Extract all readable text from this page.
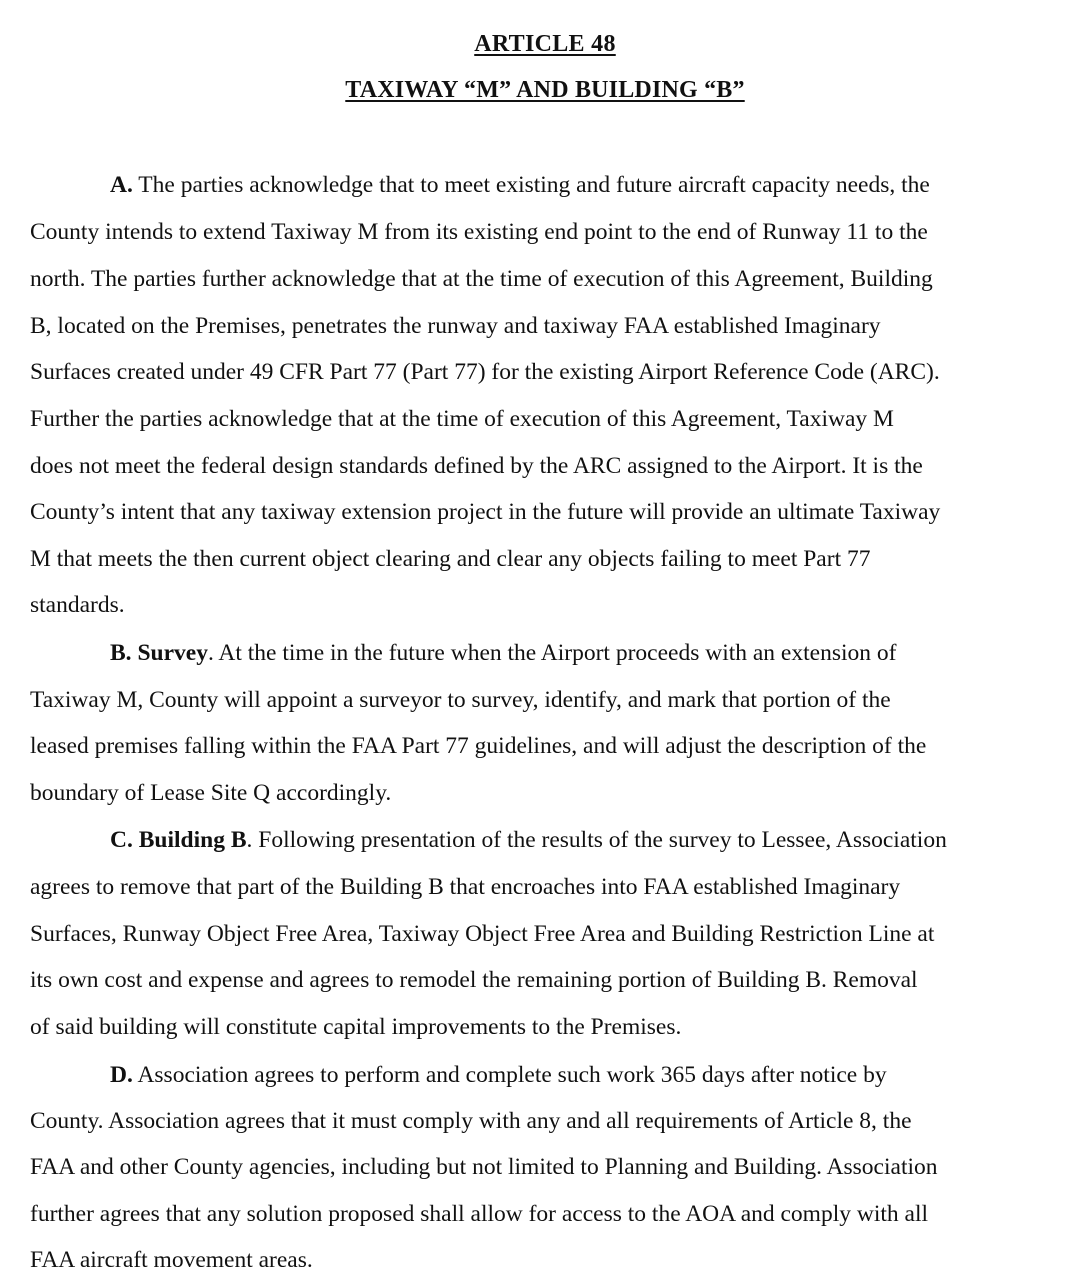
ARTICLE 48
TAXIWAY “M” AND BUILDING “B”

A. The parties acknowledge that to meet existing and future aircraft capacity needs, the

County intends to extend Taxiway M from its existing end point to the end of Runway 11 to the

north. The parties further acknowledge that at the time of execution of this Agreement, Building

B, located on the Premises, penetrates the runway and taxiway FAA established Imaginary

Surfaces created under 49 CFR Part 77 (Part 77) for the existing Airport Reference Code (ARC).

Further the parties acknowledge that at the time of execution of this Agreement, Taxiway M

does not meet the federal design standards defined by the ARC assigned to the Airport. It is the

County’s intent that any taxiway extension project in the future will provide an ultimate Taxiway

M that meets the then current object clearing and clear any objects failing to meet Part 77

standards.

B. Survey. At the time in the future when the Airport proceeds with an extension of

Taxiway M, County will appoint a surveyor to survey, identify, and mark that portion of the

leased premises falling within the FAA Part 77 guidelines, and will adjust the description of the

boundary of Lease Site Q accordingly.

C. Building B. Following presentation of the results of the survey to Lessee, Association

agrees to remove that part of the Building B that encroaches into FAA established Imaginary

Surfaces, Runway Object Free Area, Taxiway Object Free Area and Building Restriction Line at

its own cost and expense and agrees to remodel the remaining portion of Building B. Removal

of said building will constitute capital improvements to the Premises.

D. Association agrees to perform and complete such work 365 days after notice by

County. Association agrees that it must comply with any and all requirements of Article 8, the

FAA and other County agencies, including but not limited to Planning and Building. Association

further agrees that any solution proposed shall allow for access to the AOA and comply with all

FAA aircraft movement areas.
